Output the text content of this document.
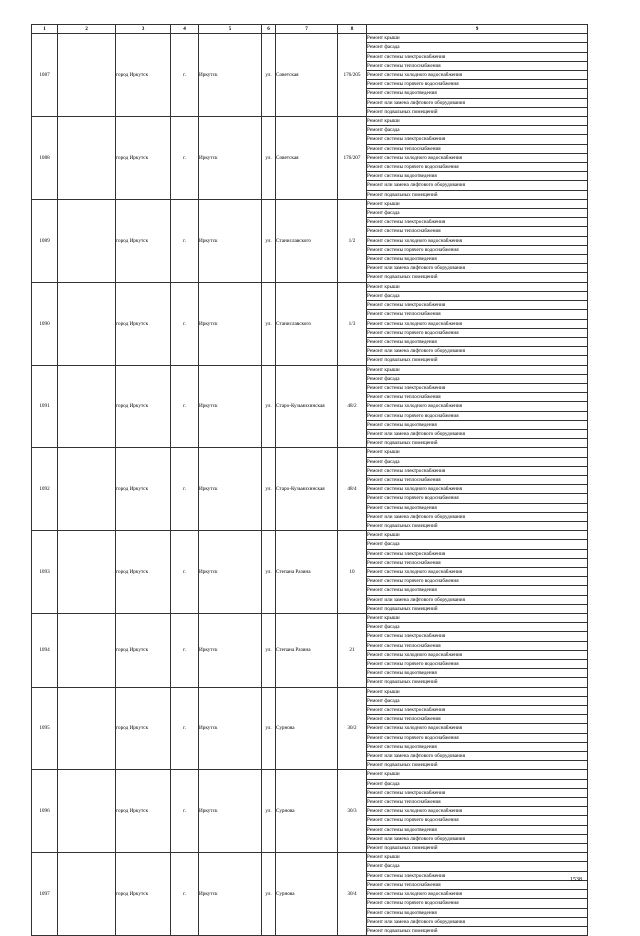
1	2	3	4	5	6	7	8	9
1087		город Иркутск	г.	Иркутск	ул.	Советская	176/205	Ремонт крыши
								Ремонт фасада
								Ремонт системы электроснабжения
								Ремонт системы теплоснабжения
								Ремонт системы холодного водоснабжения
								Ремонт системы горячего водоснабжения
								Ремонт системы водоотведения
								Ремонт или замена лифтового оборудования
								Ремонт подвальных помещений
1088		город Иркутск	г.	Иркутск	ул.	Советская	176/207	Ремонт крыши
								Ремонт фасада
								Ремонт системы электроснабжения
								Ремонт системы теплоснабжения
								Ремонт системы холодного водоснабжения
								Ремонт системы горячего водоснабжения
								Ремонт системы водоотведения
								Ремонт или замена лифтового оборудования
								Ремонт подвальных помещений
1089		город Иркутск	г.	Иркутск	ул.	Станиславского	1/2	Ремонт крыши
								Ремонт фасада
								Ремонт системы электроснабжения
								Ремонт системы теплоснабжения
								Ремонт системы холодного водоснабжения
								Ремонт системы горячего водоснабжения
								Ремонт системы водоотведения
								Ремонт или замена лифтового оборудования
								Ремонт подвальных помещений
1090		город Иркутск	г.	Иркутск	ул.	Станиславского	1/3	Ремонт крыши
								Ремонт фасада
								Ремонт системы электроснабжения
								Ремонт системы теплоснабжения
								Ремонт системы холодного водоснабжения
								Ремонт системы горячего водоснабжения
								Ремонт системы водоотведения
								Ремонт или замена лифтового оборудования
								Ремонт подвальных помещений
1091		город Иркутск	г.	Иркутск	ул.	Старо-Кузьмихинская	48/2	Ремонт крыши
								Ремонт фасада
								Ремонт системы электроснабжения
								Ремонт системы теплоснабжения
								Ремонт системы холодного водоснабжения
								Ремонт системы горячего водоснабжения
								Ремонт системы водоотведения
								Ремонт или замена лифтового оборудования
								Ремонт подвальных помещений
1092		город Иркутск	г.	Иркутск	ул.	Старо-Кузьмихинская	48/4	Ремонт крыши
								Ремонт фасада
								Ремонт системы электроснабжения
								Ремонт системы теплоснабжения
								Ремонт системы холодного водоснабжения
								Ремонт системы горячего водоснабжения
								Ремонт системы водоотведения
								Ремонт или замена лифтового оборудования
								Ремонт подвальных помещений
1093		город Иркутск	г.	Иркутск	ул.	Степана Разина	10	Ремонт крыши
								Ремонт фасада
								Ремонт системы электроснабжения
								Ремонт системы теплоснабжения
								Ремонт системы холодного водоснабжения
								Ремонт системы горячего водоснабжения
								Ремонт системы водоотведения
								Ремонт или замена лифтового оборудования
								Ремонт подвальных помещений
1094		город Иркутск	г.	Иркутск	ул.	Степана Разина	21	Ремонт крыши
								Ремонт фасада
								Ремонт системы электроснабжения
								Ремонт системы теплоснабжения
								Ремонт системы холодного водоснабжения
								Ремонт системы горячего водоснабжения
								Ремонт системы водоотведения
								Ремонт подвальных помещений
1095		город Иркутск	г.	Иркутск	ул.	Сурнова	30/2	Ремонт крыши
								Ремонт фасада
								Ремонт системы электроснабжения
								Ремонт системы теплоснабжения
								Ремонт системы холодного водоснабжения
								Ремонт системы горячего водоснабжения
								Ремонт системы водоотведения
								Ремонт или замена лифтового оборудования
								Ремонт подвальных помещений
1096		город Иркутск	г.	Иркутск	ул.	Сурнова	30/3	Ремонт крыши
								Ремонт фасада
								Ремонт системы электроснабжения
								Ремонт системы теплоснабжения
								Ремонт системы холодного водоснабжения
								Ремонт системы горячего водоснабжения
								Ремонт системы водоотведения
								Ремонт или замена лифтового оборудования
								Ремонт подвальных помещений
1097		город Иркутск	г.	Иркутск	ул.	Сурнова	30/4	Ремонт крыши
								Ремонт фасада
								Ремонт системы электроснабжения
								Ремонт системы теплоснабжения
								Ремонт системы холодного водоснабжения
								Ремонт системы горячего водоснабжения
								Ремонт системы водоотведения
								Ремонт или замена лифтового оборудования
								Ремонт подвальных помещений
1538
